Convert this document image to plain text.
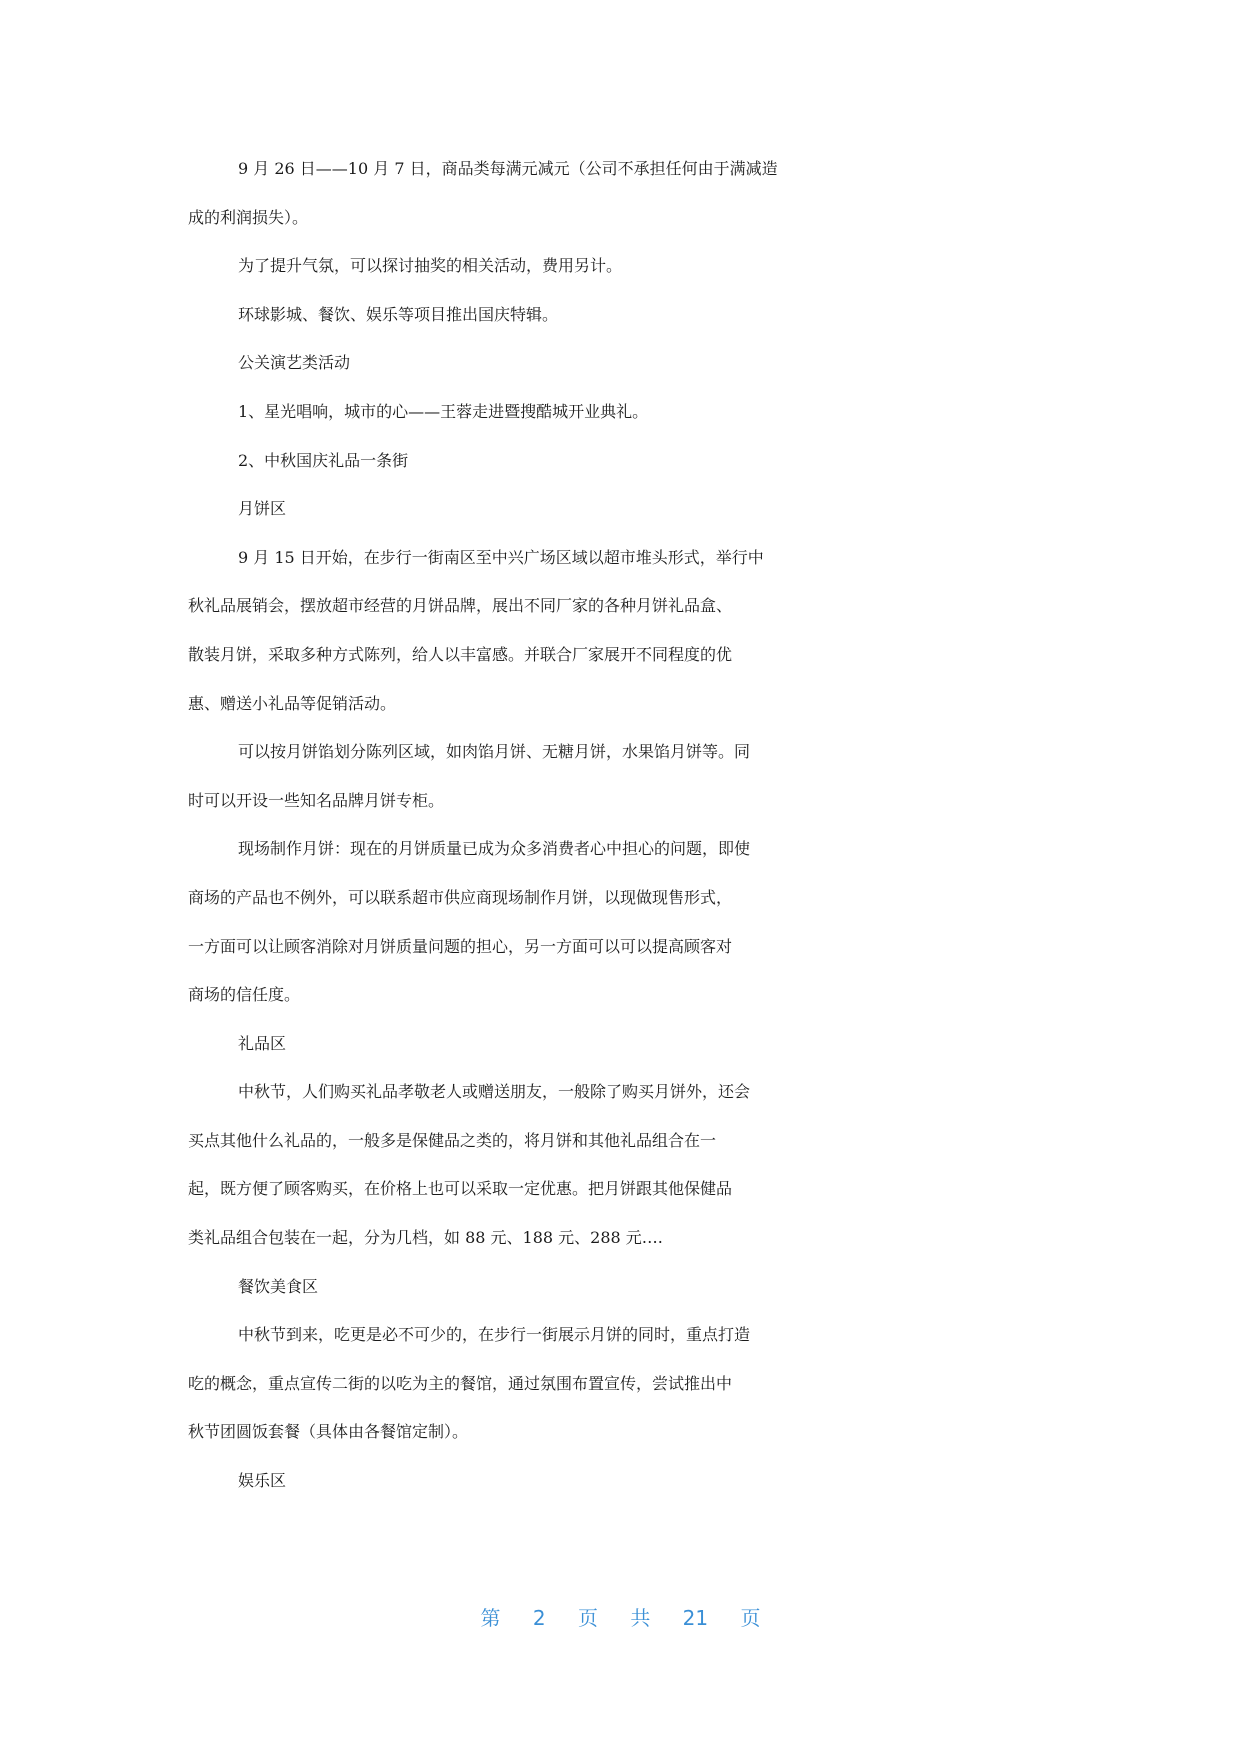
9 月 26 日——10 月 7 日，商品类每满元减元（公司不承担任何由于满减造
成的利润损失）。
为了提升气氛，可以探讨抽奖的相关活动，费用另计。
环球影城、餐饮、娱乐等项目推出国庆特辑。
公关演艺类活动
1、星光唱响，城市的心——王蓉走进暨搜酷城开业典礼。
2、中秋国庆礼品一条街
月饼区
9 月 15 日开始，在步行一街南区至中兴广场区域以超市堆头形式，举行中
秋礼品展销会，摆放超市经营的月饼品牌，展出不同厂家的各种月饼礼品盒、
散装月饼，采取多种方式陈列，给人以丰富感。并联合厂家展开不同程度的优
惠、赠送小礼品等促销活动。
可以按月饼馅划分陈列区域，如肉馅月饼、无糖月饼，水果馅月饼等。同
时可以开设一些知名品牌月饼专柜。
现场制作月饼：现在的月饼质量已成为众多消费者心中担心的问题，即使
商场的产品也不例外，可以联系超市供应商现场制作月饼，以现做现售形式，
一方面可以让顾客消除对月饼质量问题的担心，另一方面可以可以提高顾客对
商场的信任度。
礼品区
中秋节，人们购买礼品孝敬老人或赠送朋友，一般除了购买月饼外，还会
买点其他什么礼品的，一般多是保健品之类的，将月饼和其他礼品组合在一
起，既方便了顾客购买，在价格上也可以采取一定优惠。把月饼跟其他保健品
类礼品组合包装在一起，分为几档，如 88 元、188 元、288 元….
餐饮美食区
中秋节到来，吃更是必不可少的，在步行一街展示月饼的同时，重点打造
吃的概念，重点宣传二街的以吃为主的餐馆，通过氛围布置宣传，尝试推出中
秋节团圆饭套餐（具体由各餐馆定制）。
娱乐区
第 2 页 共 21 页
